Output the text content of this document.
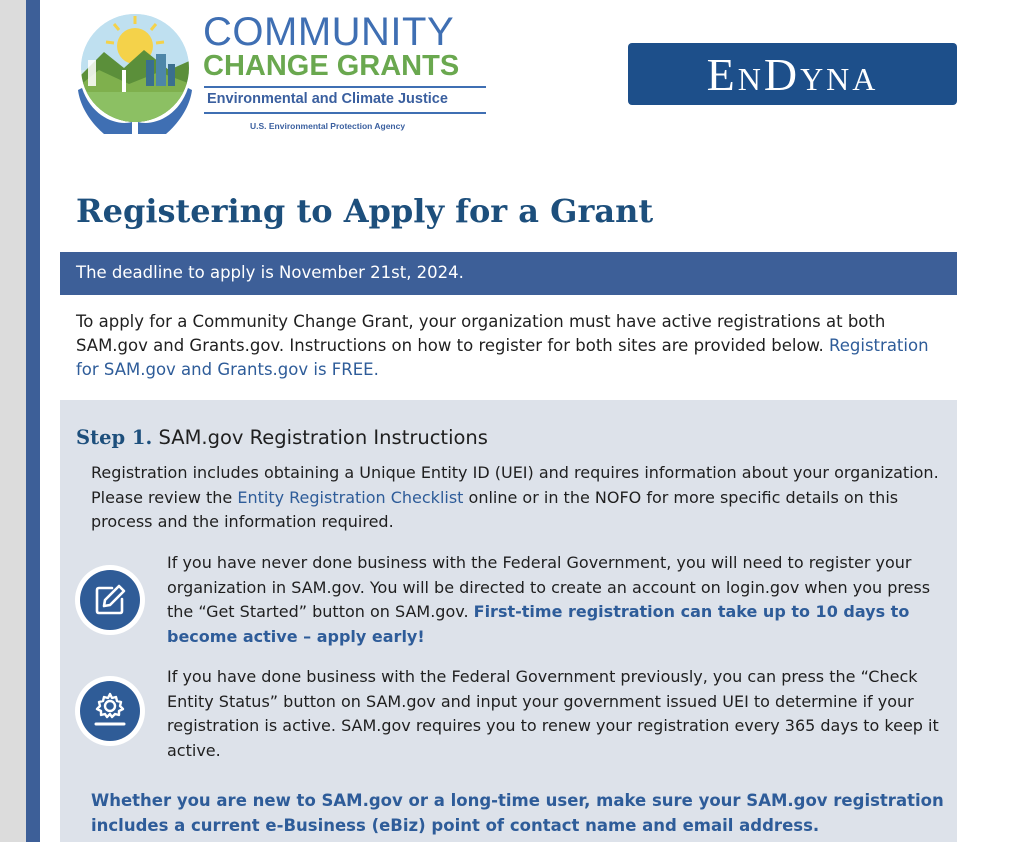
COMMUNITY
CHANGE GRANTS
Environmental and Climate Justice
U.S. Environmental Protection Agency
ENDYNA
Registering to Apply for a Grant
The deadline to apply is November 21st, 2024.
To apply for a Community Change Grant, your organization must have active registrations at both SAM.gov and Grants.gov. Instructions on how to register for both sites are provided below. Registration for SAM.gov and Grants.gov is FREE.
Step 1. SAM.gov Registration Instructions
Registration includes obtaining a Unique Entity ID (UEI) and requires information about your organization. Please review the Entity Registration Checklist online or in the NOFO for more specific details on this process and the information required.
If you have never done business with the Federal Government, you will need to register your organization in SAM.gov. You will be directed to create an account on login.gov when you press the “Get Started” button on SAM.gov. First-time registration can take up to 10 days to become active – apply early!
If you have done business with the Federal Government previously, you can press the “Check Entity Status” button on SAM.gov and input your government issued UEI to determine if your registration is active. SAM.gov requires you to renew your registration every 365 days to keep it active.
Whether you are new to SAM.gov or a long-time user, make sure your SAM.gov registration includes a current e-Business (eBiz) point of contact name and email address.
